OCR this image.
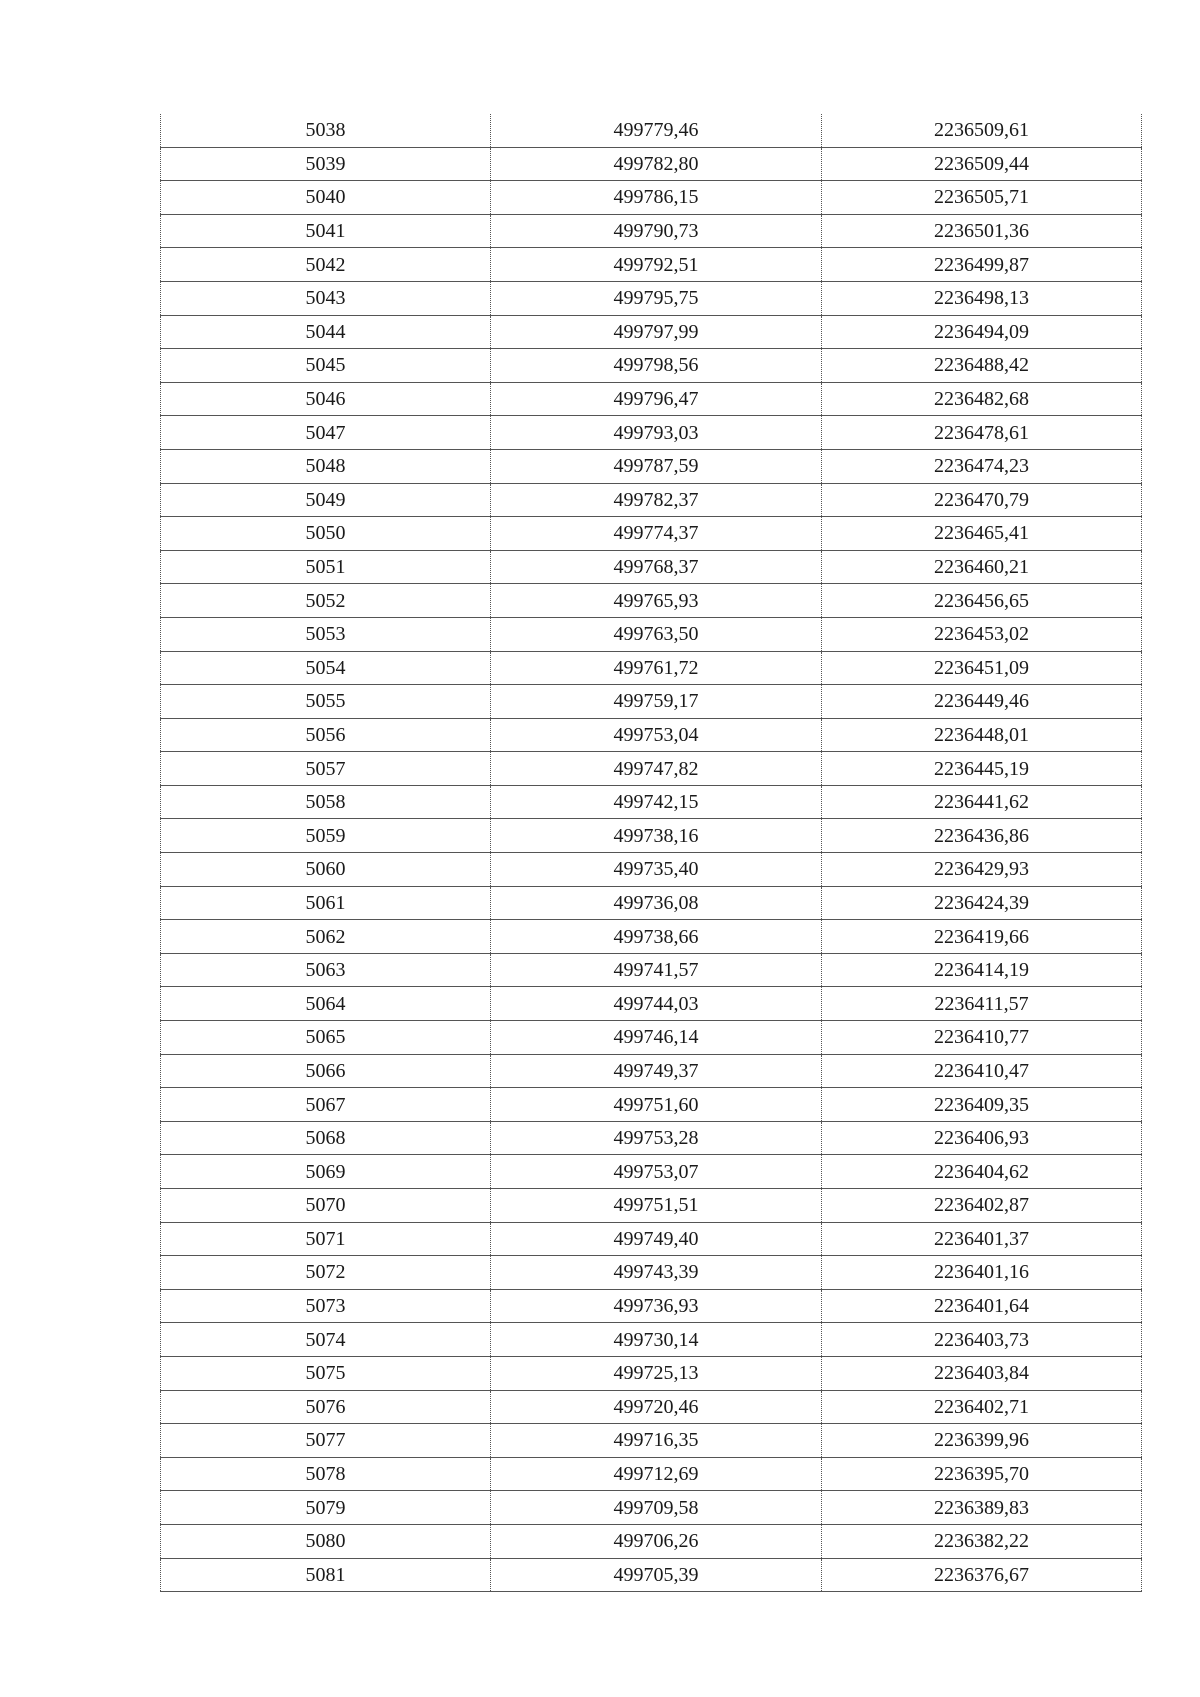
5038	499779,46	2236509,61
5039	499782,80	2236509,44
5040	499786,15	2236505,71
5041	499790,73	2236501,36
5042	499792,51	2236499,87
5043	499795,75	2236498,13
5044	499797,99	2236494,09
5045	499798,56	2236488,42
5046	499796,47	2236482,68
5047	499793,03	2236478,61
5048	499787,59	2236474,23
5049	499782,37	2236470,79
5050	499774,37	2236465,41
5051	499768,37	2236460,21
5052	499765,93	2236456,65
5053	499763,50	2236453,02
5054	499761,72	2236451,09
5055	499759,17	2236449,46
5056	499753,04	2236448,01
5057	499747,82	2236445,19
5058	499742,15	2236441,62
5059	499738,16	2236436,86
5060	499735,40	2236429,93
5061	499736,08	2236424,39
5062	499738,66	2236419,66
5063	499741,57	2236414,19
5064	499744,03	2236411,57
5065	499746,14	2236410,77
5066	499749,37	2236410,47
5067	499751,60	2236409,35
5068	499753,28	2236406,93
5069	499753,07	2236404,62
5070	499751,51	2236402,87
5071	499749,40	2236401,37
5072	499743,39	2236401,16
5073	499736,93	2236401,64
5074	499730,14	2236403,73
5075	499725,13	2236403,84
5076	499720,46	2236402,71
5077	499716,35	2236399,96
5078	499712,69	2236395,70
5079	499709,58	2236389,83
5080	499706,26	2236382,22
5081	499705,39	2236376,67
